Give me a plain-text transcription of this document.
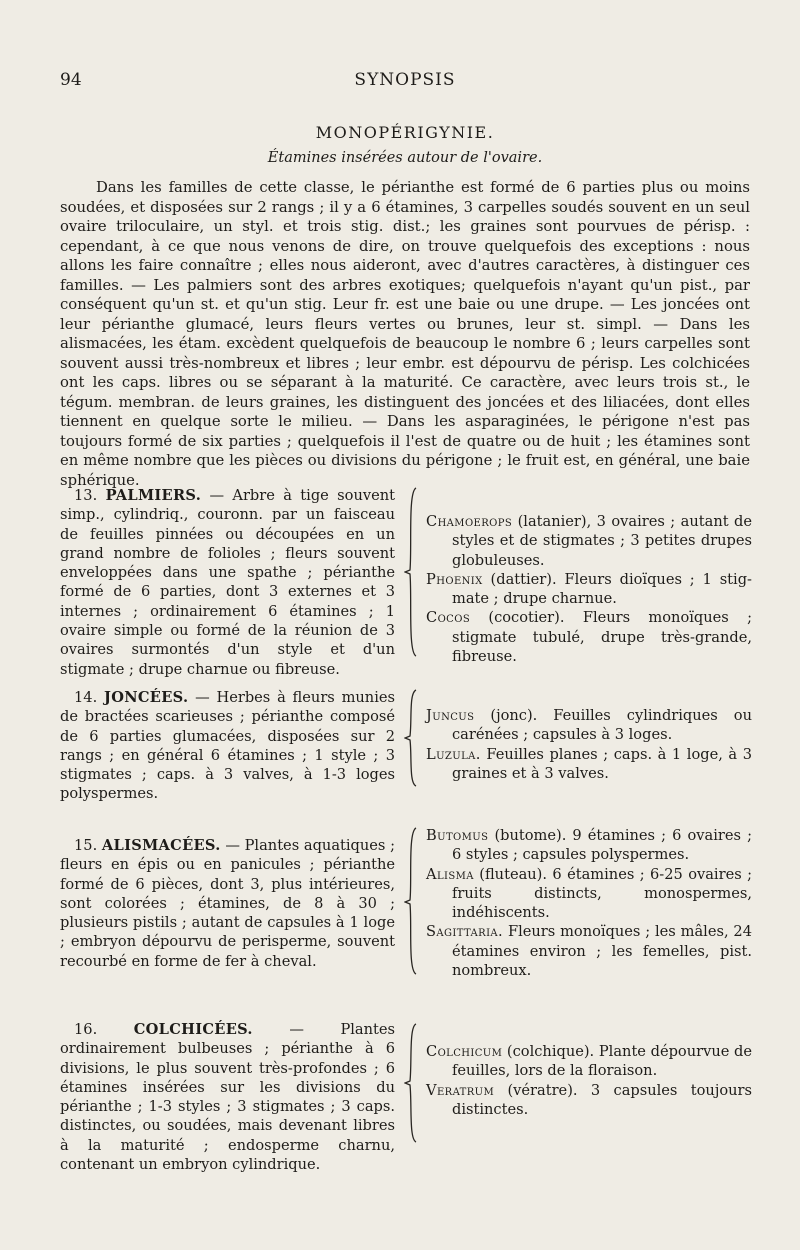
94	SYNOPSIS
MONOPÉRIGYNIE.
Étamines insérées autour de l'ovaire.

Dans les familles de cette classe, le périanthe est formé de 6 parties plus ou moins soudées, et disposées sur 2 rangs ; il y a 6 étamines, 3 carpelles soudés souvent en un seul ovaire triloculaire, un styl. et trois stig. dist.; les graines sont pourvues de périsp. : cependant, à ce que nous venons de dire, on trouve quelquefois des exceptions : nous allons les faire connaître ; elles nous aideront, avec d'autres caractères, à distinguer ces familles. — Les palmiers sont des arbres exotiques; quelquefois n'ayant qu'un pist., par conséquent qu'un st. et qu'un stig. Leur fr. est une baie ou une drupe. — Les joncées ont leur périanthe glumacé, leurs fleurs vertes ou brunes, leur st. simpl. — Dans les alismacées, les étam. excèdent quelquefois de beaucoup le nombre 6 ; leurs carpelles sont souvent aussi très-nombreux et libres ; leur embr. est dépourvu de périsp. Les colchicées ont les caps. libres ou se séparant à la maturité. Ce caractère, avec leurs trois st., le tégum. membran. de leurs graines, les distinguent des joncées et des liliacées, dont elles tiennent en quelque sorte le milieu. — Dans les asparaginées, le périgone n'est pas toujours formé de six parties ; quelquefois il l'est de quatre ou de huit ; les étamines sont en même nombre que les pièces ou divisions du périgone ; le fruit est, en général, une baie sphérique.

13. PALMIERS. — Arbre à tige souvent simp., cylindriq., couronn. par un faisceau de feuilles pinnées ou découpées en un grand nombre de folioles ; fleurs souvent enveloppées dans une spathe ; périanthe formé de 6 parties, dont 3 externes et 3 internes ; ordinairement 6 étamines ; 1 ovaire simple ou formé de la réunion de 3 ovaires surmontés d'un style et d'un stigmate ; drupe charnue ou fibreuse.

Chamoerops (latanier), 3 ovaires ; autant de styles et de stigmates ; 3 petites drupes globuleuses.

Phoenix (dattier). Fleurs dioïques ; 1 stig-mate ; drupe charnue.

Cocos (cocotier). Fleurs monoïques ; stigmate tubulé, drupe très-grande, fibreuse.

14. JONCÉES. — Herbes à fleurs munies de bractées scarieuses ; périanthe composé de 6 parties glumacées, disposées sur 2 rangs ; en général 6 étamines ; 1 style ; 3 stigmates ; caps. à 3 valves, à 1-3 loges polyspermes.

Juncus (jonc). Feuilles cylindriques ou carénées ; capsules à 3 loges.

Luzula. Feuilles planes ; caps. à 1 loge, à 3 graines et à 3 valves.

15. ALISMACÉES. — Plantes aquatiques ; fleurs en épis ou en panicules ; périanthe formé de 6 pièces, dont 3, plus intérieures, sont colorées ; étamines, de 8 à 30 ; plusieurs pistils ; autant de capsules à 1 loge ; embryon dépourvu de perisperme, souvent recourbé en forme de fer à cheval.

Butomus (butome). 9 étamines ; 6 ovaires ; 6 styles ; capsules polyspermes.

Alisma (fluteau). 6 étamines ; 6-25 ovaires ; fruits distincts, monospermes, indéhiscents.

Sagittaria. Fleurs monoïques ; les mâles, 24 étamines environ ; les femelles, pist. nombreux.

16.	COLCHICÉES.	— Plantes ordinairement bulbeuses ; périanthe à 6 divisions, le plus souvent très-profondes ; 6 étamines insérées sur les divisions du périanthe ; 1-3 styles ; 3 stigmates ; 3 caps. distinctes, ou soudées, mais devenant libres à la maturité ; endosperme charnu, contenant un embryon cylindrique.

Colchicum (colchique). Plante dépourvue de feuilles, lors de la floraison.

Veratrum (vératre). 3 capsules toujours distinctes.
